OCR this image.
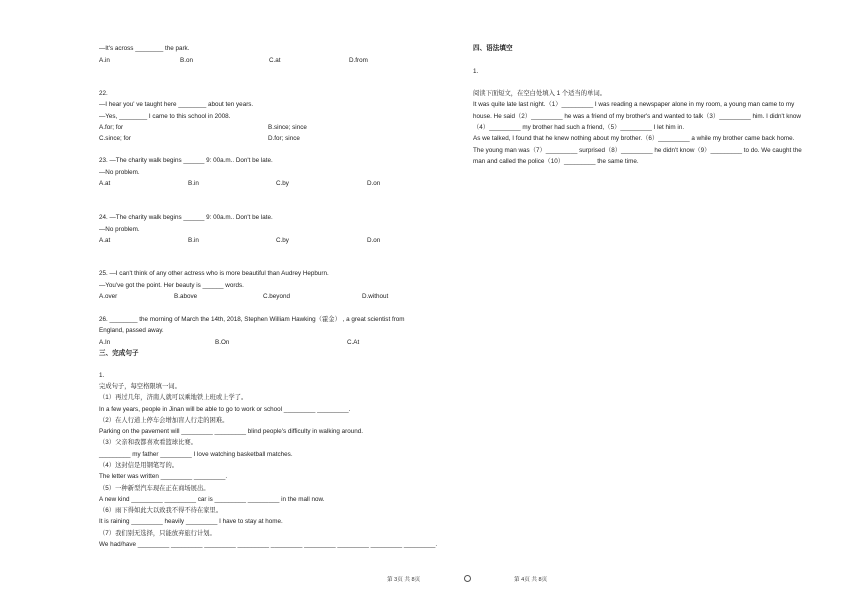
—It's across ________ the park.
A.in	B.on	C.at	D.from
22.
—I hear you' ve taught here ________ about ten years.
—Yes, ________ I came to this school in 2008.
A.for; for	B.since; since
C.since; for	D.for; since
23. —The charity walk begins ______ 9: 00a.m.. Don't be late.
—No problem.
A.at	B.in	C.by	D.on
24. —The charity walk begins ______ 9: 00a.m.. Don't be late.
—No problem.
A.at	B.in	C.by	D.on
25. —I can't think of any other actress who is more beautiful than Audrey Hepburn.
—You've got the point. Her beauty is ______ words.
A.over	B.above	C.beyond	D.without
26. ________ the morning of March the 14th, 2018, Stephen William Hawking（霍金） , a great scientist from
England, passed away.
A.In	B.On	C.At
三、完成句子
1.
完成句子，每空格限填一词。
（1）再过几年，济南人就可以乘地铁上班或上学了。
In a few years, people in Jinan will be able to go to work or school _________ _________.
（2）在人行道上停车会增加盲人行走的困难。
Parking on the pavement will _________ _________ blind people's difficulty in walking around.
（3）父亲和我都喜欢看篮球比赛。
_________ my father _________ I love watching basketball matches.
（4）这封信是用钢笔写的。
The letter was written _________ _________.
（5）一种新型汽车现在正在商场展出。
A new kind _________ _________ car is _________ _________ in the mall now.
（6）雨下得如此大以致我不得不待在家里。
It is raining _________ heavily _________ I have to stay at home.
（7）我们别无选择，只能放弃旅行计划。
We had/have _________ _________ _________ _________ _________ _________ _________ _________ _________.
四、语法填空
1.
阅读下面短文，在空白处填入 1 个适当的单词。
It was quite late last night.（1）_________ I was reading a newspaper alone in my room, a young man came to my
house. He said（2）_________ he was a friend of my brother's and wanted to talk（3）_________ him. I didn't know
（4）_________ my brother had such a friend,（5）_________ I let him in.
As we talked, I found that he knew nothing about my brother.（6）_________ a while my brother came back home.
The young man was（7）_________ surprised（8）_________ he didn't know（9）_________ to do. We caught the
man and called the police（10）_________ the same time.
第 3页 共 8页	第 4页 共 8页
